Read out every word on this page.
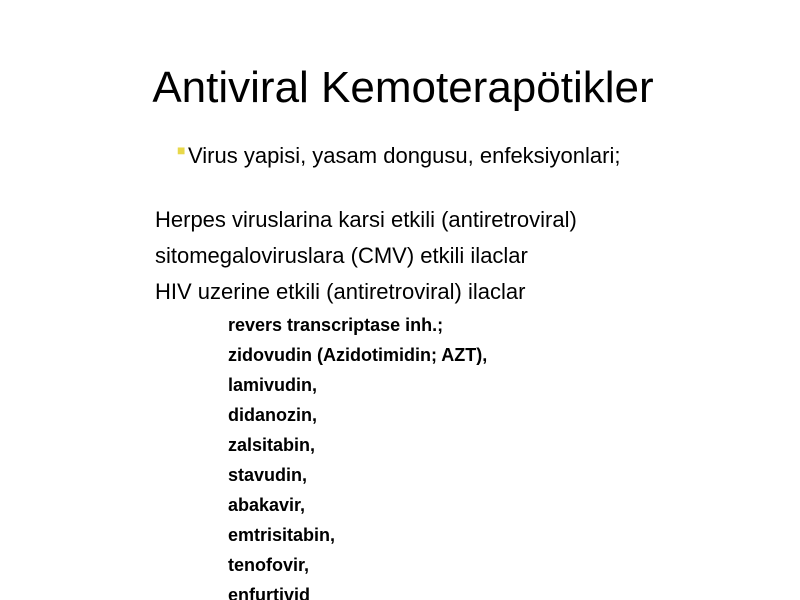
Antiviral Kemoterapötikler
■ Virus yapisi, yasam dongusu, enfeksiyonlari;
Herpes viruslarina karsi etkili (antiretroviral)
sitomegaloviruslara (CMV) etkili ilaclar
HIV uzerine etkili (antiretroviral) ilaclar
revers transcriptase inh.;
zidovudin (Azidotimidin; AZT),
lamivudin,
didanozin,
zalsitabin,
stavudin,
abakavir,
emtrisitabin,
tenofovir,
enfurtivid
